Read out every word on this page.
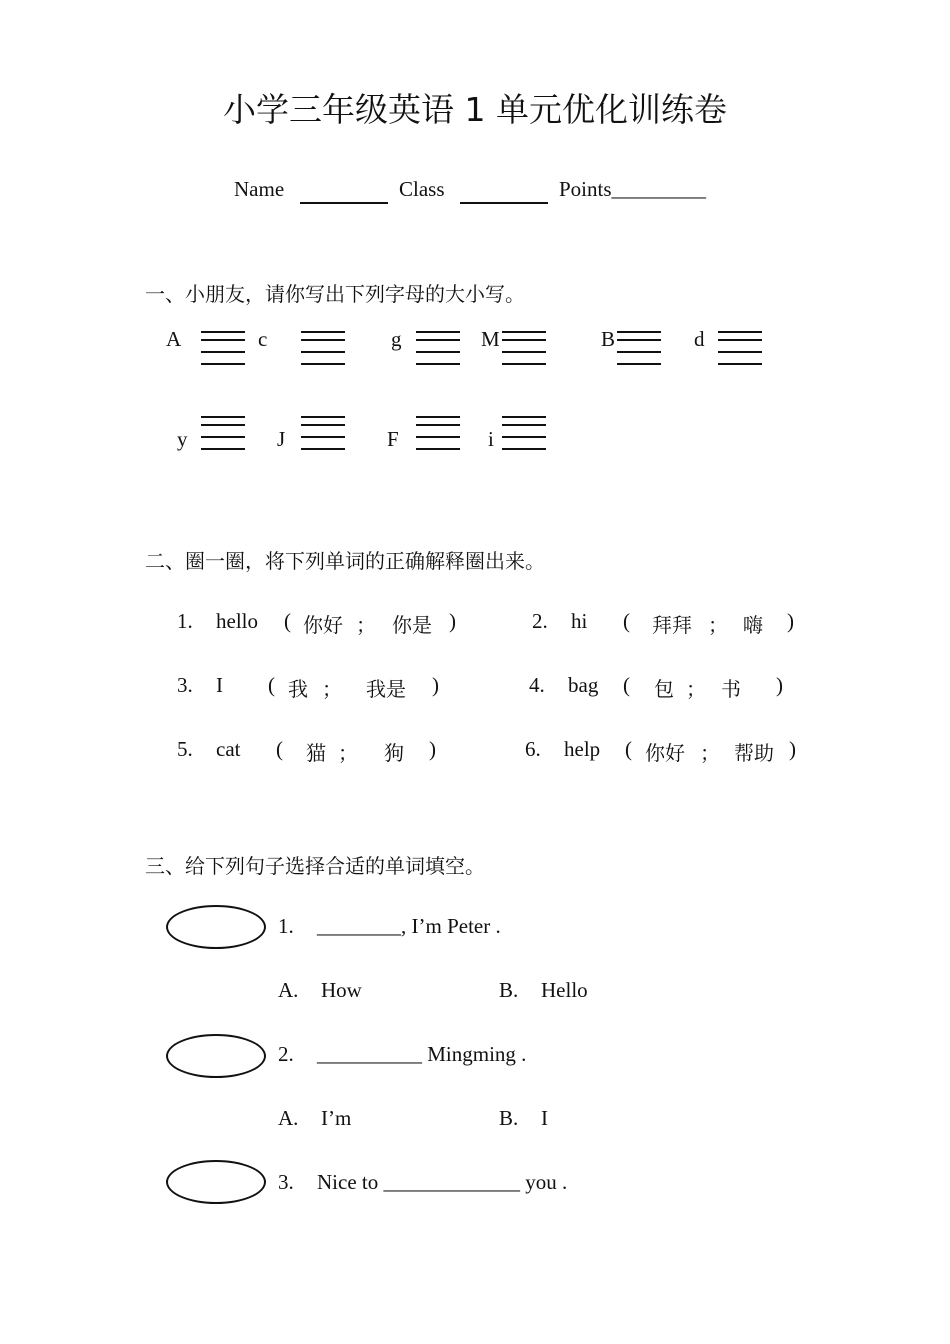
小学三年级英语 1 单元优化训练卷
Name	Class	Points_________
一、小朋友，请你写出下列字母的大小写。
A	c	g	M	B	d
y	J	F	i
二、圈一圈，将下列单词的正确解释圈出来。
1. hello ( 你好 ； 你是 )	2. hi ( 拜拜 ； 嗨 )
3. I ( 我 ； 我是 )	4. bag ( 包 ； 书 )
5. cat ( 猫 ； 狗 )	6. help ( 你好 ； 帮助 )
三、给下列句子选择合适的单词填空。
1. ________, I’m Peter .
A. How	B. Hello
2. __________ Mingming .
A. I’m	B. I
3. Nice to _____________ you .
